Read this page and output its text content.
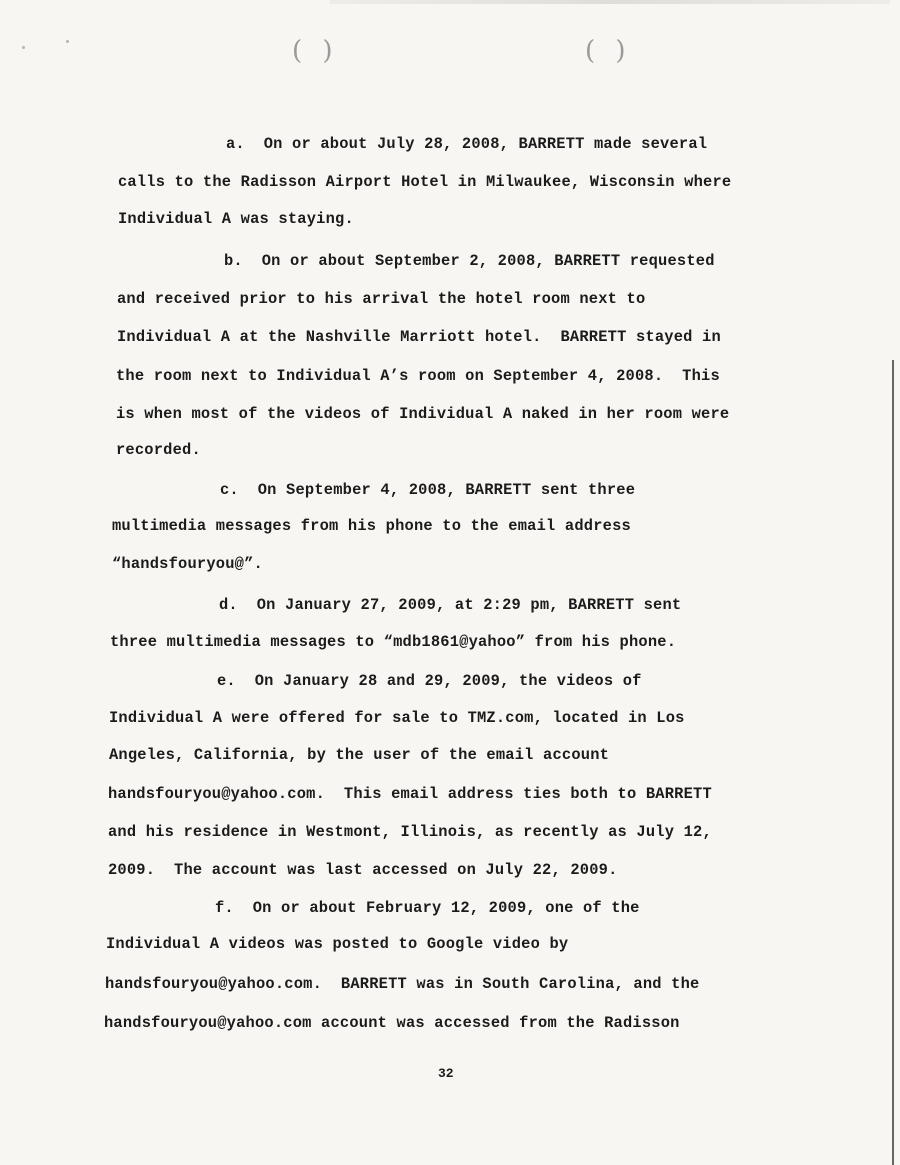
( )	( )
a.  On or about July 28, 2008, BARRETT made several
calls to the Radisson Airport Hotel in Milwaukee, Wisconsin where
Individual A was staying.
b.  On or about September 2, 2008, BARRETT requested
and received prior to his arrival the hotel room next to
Individual A at the Nashville Marriott hotel.  BARRETT stayed in
the room next to Individual A’s room on September 4, 2008.  This
is when most of the videos of Individual A naked in her room were
recorded.
c.  On September 4, 2008, BARRETT sent three
multimedia messages from his phone to the email address
“handsfouryou@”.
d.  On January 27, 2009, at 2:29 pm, BARRETT sent
three multimedia messages to “mdb1861@yahoo” from his phone.
e.  On January 28 and 29, 2009, the videos of
Individual A were offered for sale to TMZ.com, located in Los
Angeles, California, by the user of the email account
handsfouryou@yahoo.com.  This email address ties both to BARRETT
and his residence in Westmont, Illinois, as recently as July 12,
2009.  The account was last accessed on July 22, 2009.
f.  On or about February 12, 2009, one of the
Individual A videos was posted to Google video by
handsfouryou@yahoo.com.  BARRETT was in South Carolina, and the
handsfouryou@yahoo.com account was accessed from the Radisson
32
